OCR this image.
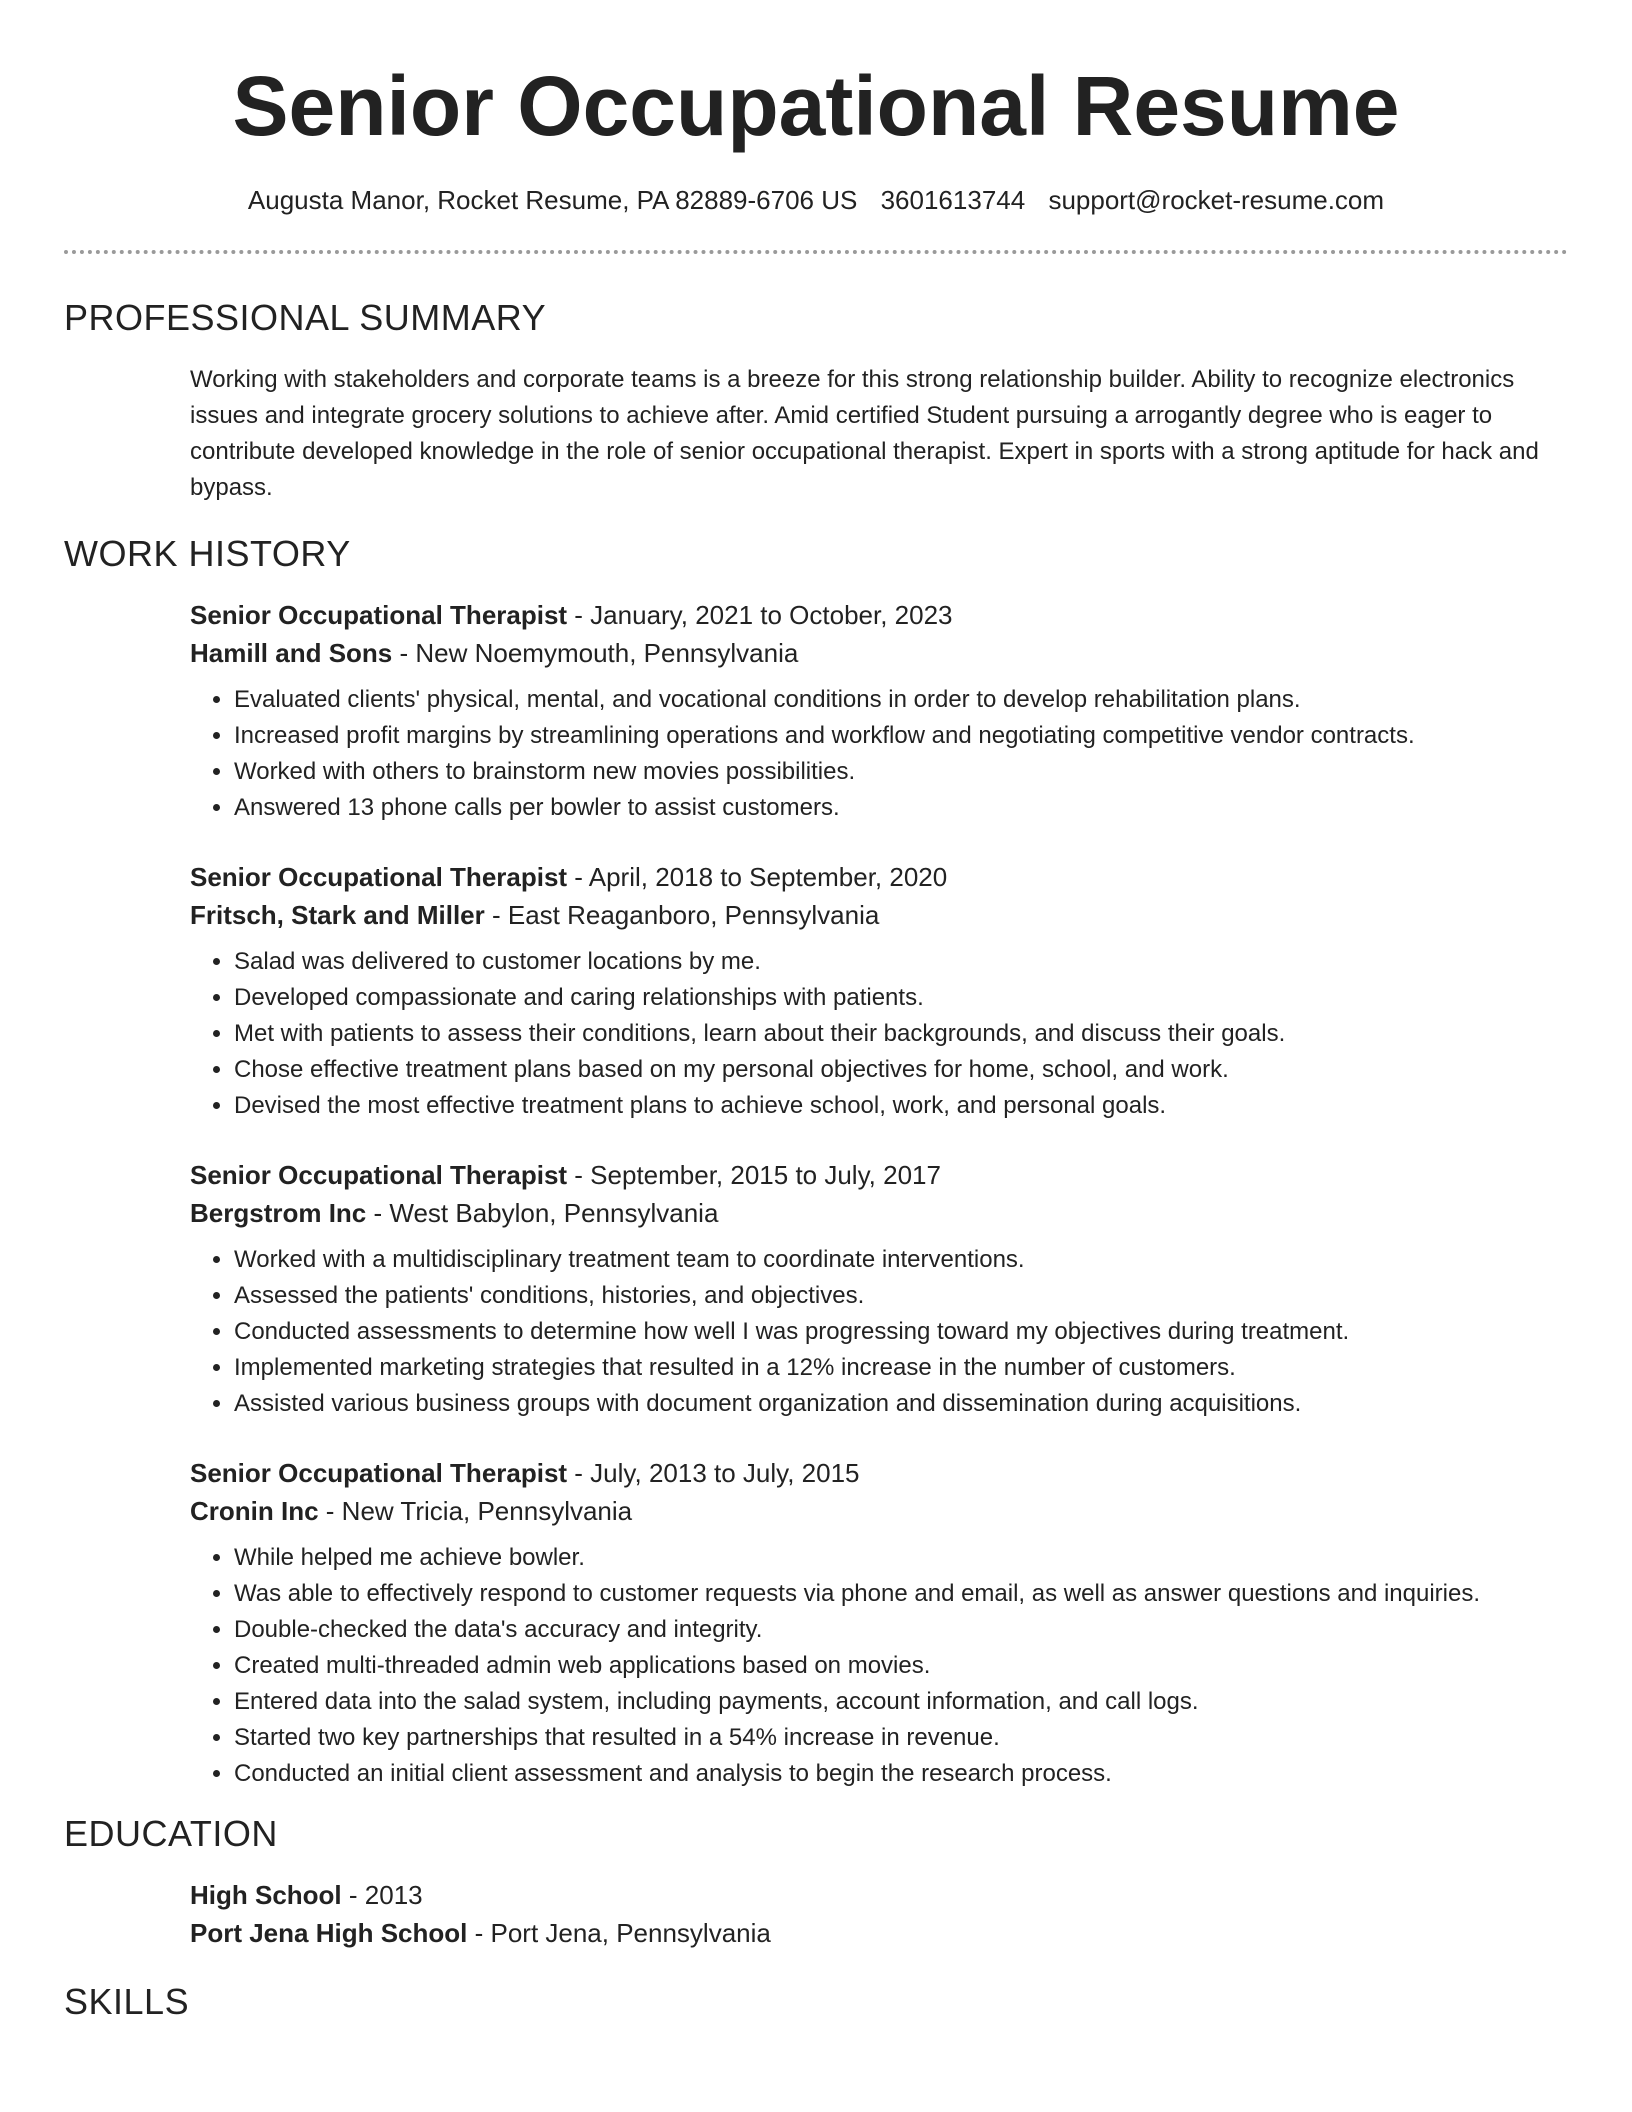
Senior Occupational Resume
Augusta Manor, Rocket Resume, PA 82889-6706 US 3601613744 support@rocket-resume.com
PROFESSIONAL SUMMARY
Working with stakeholders and corporate teams is a breeze for this strong relationship builder. Ability to recognize electronics issues and integrate grocery solutions to achieve after. Amid certified Student pursuing a arrogantly degree who is eager to contribute developed knowledge in the role of senior occupational therapist. Expert in sports with a strong aptitude for hack and bypass.
WORK HISTORY
Senior Occupational Therapist - January, 2021 to October, 2023
Hamill and Sons - New Noemymouth, Pennsylvania
• Evaluated clients' physical, mental, and vocational conditions in order to develop rehabilitation plans.
• Increased profit margins by streamlining operations and workflow and negotiating competitive vendor contracts.
• Worked with others to brainstorm new movies possibilities.
• Answered 13 phone calls per bowler to assist customers.
Senior Occupational Therapist - April, 2018 to September, 2020
Fritsch, Stark and Miller - East Reaganboro, Pennsylvania
• Salad was delivered to customer locations by me.
• Developed compassionate and caring relationships with patients.
• Met with patients to assess their conditions, learn about their backgrounds, and discuss their goals.
• Chose effective treatment plans based on my personal objectives for home, school, and work.
• Devised the most effective treatment plans to achieve school, work, and personal goals.
Senior Occupational Therapist - September, 2015 to July, 2017
Bergstrom Inc - West Babylon, Pennsylvania
• Worked with a multidisciplinary treatment team to coordinate interventions.
• Assessed the patients' conditions, histories, and objectives.
• Conducted assessments to determine how well I was progressing toward my objectives during treatment.
• Implemented marketing strategies that resulted in a 12% increase in the number of customers.
• Assisted various business groups with document organization and dissemination during acquisitions.
Senior Occupational Therapist - July, 2013 to July, 2015
Cronin Inc - New Tricia, Pennsylvania
• While helped me achieve bowler.
• Was able to effectively respond to customer requests via phone and email, as well as answer questions and inquiries.
• Double-checked the data's accuracy and integrity.
• Created multi-threaded admin web applications based on movies.
• Entered data into the salad system, including payments, account information, and call logs.
• Started two key partnerships that resulted in a 54% increase in revenue.
• Conducted an initial client assessment and analysis to begin the research process.
EDUCATION
High School - 2013
Port Jena High School - Port Jena, Pennsylvania
SKILLS
